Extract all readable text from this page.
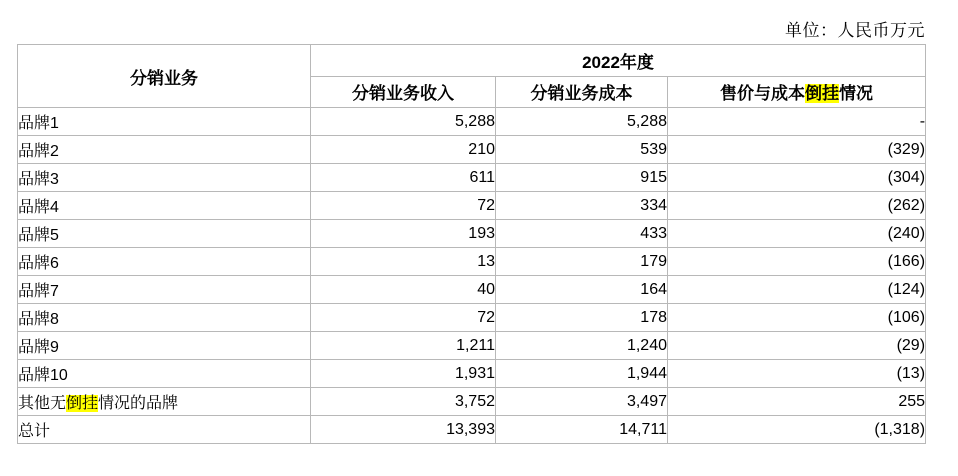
单位：人民币万元
分销业务	2022年度		
	分销业务收入	分销业务成本	售价与成本倒挂情况
品牌1	5,288	5,288	-
品牌2	210	539	(329)
品牌3	611	915	(304)
品牌4	72	334	(262)
品牌5	193	433	(240)
品牌6	13	179	(166)
品牌7	40	164	(124)
品牌8	72	178	(106)
品牌9	1,211	1,240	(29)
品牌10	1,931	1,944	(13)
其他无倒挂情况的品牌	3,752	3,497	255
总计	13,393	14,711	(1,318)
